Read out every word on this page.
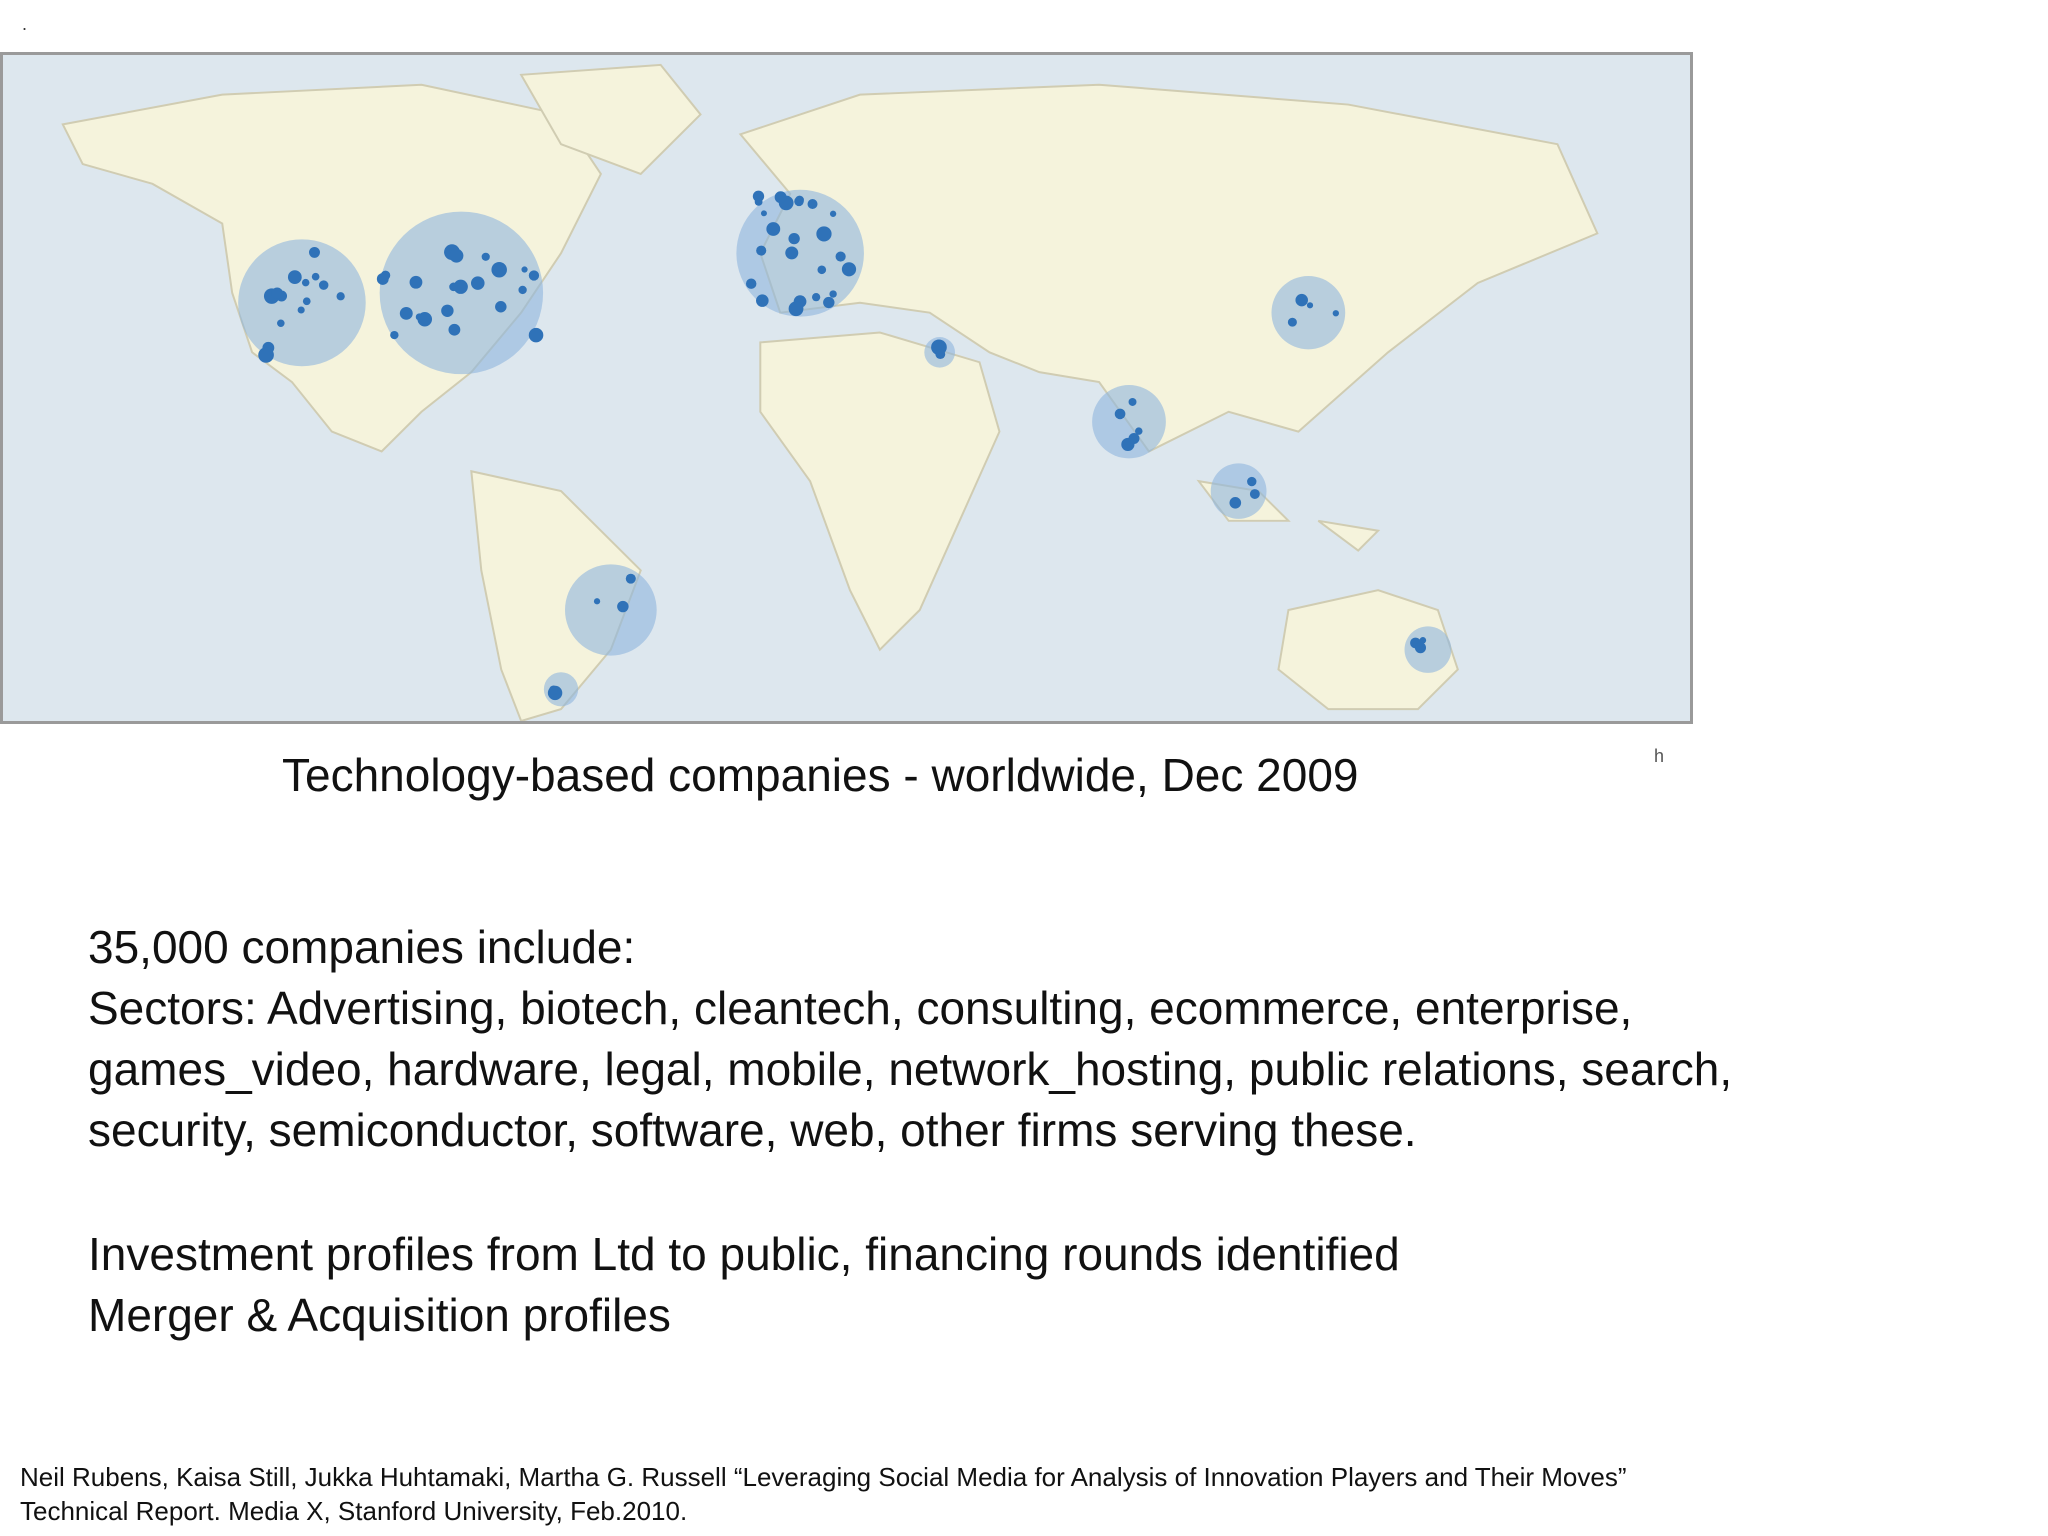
.
h
Technology-based companies - worldwide, Dec 2009
35,000 companies include:
Sectors: Advertising, biotech, cleantech, consulting, ecommerce, enterprise,
games_video, hardware, legal, mobile, network_hosting, public relations, search,
security, semiconductor, software, web, other firms serving these.
Investment profiles from Ltd to public, financing rounds identified
Merger & Acquisition profiles
Neil Rubens, Kaisa Still, Jukka Huhtamaki, Martha G. Russell “Leveraging Social Media for Analysis of Innovation Players and Their Moves”
Technical Report. Media X, Stanford University, Feb.2010.
